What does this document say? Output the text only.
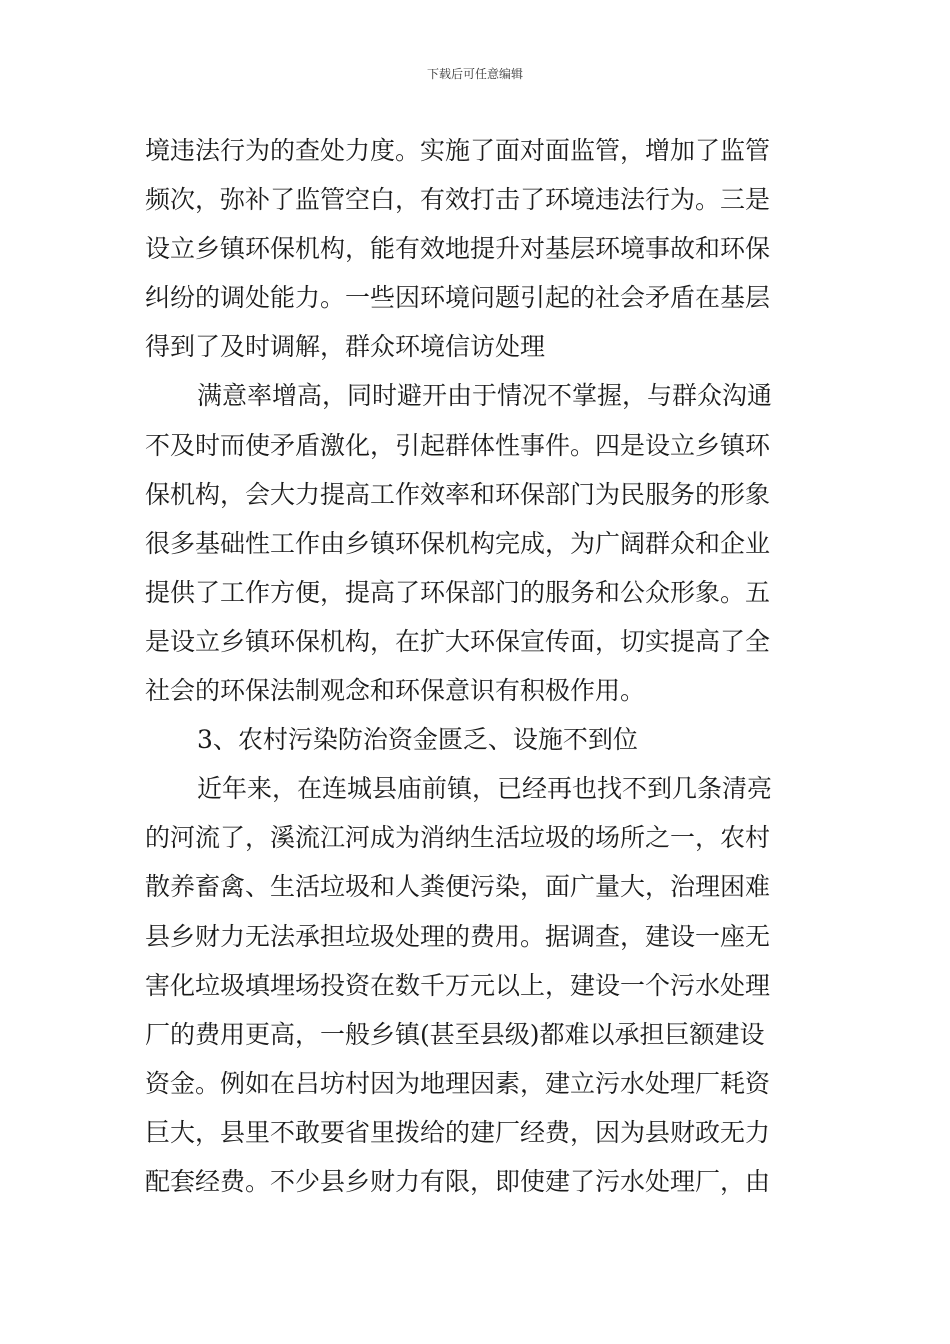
下载后可任意编辑
境违法行为的查处力度。实施了面对面监管，增加了监管
频次，弥补了监管空白，有效打击了环境违法行为。三是
设立乡镇环保机构，能有效地提升对基层环境事故和环保
纠纷的调处能力。一些因环境问题引起的社会矛盾在基层
得到了及时调解，群众环境信访处理
满意率增高，同时避开由于情况不掌握，与群众沟通
不及时而使矛盾激化，引起群体性事件。四是设立乡镇环
保机构，会大力提高工作效率和环保部门为民服务的形象
很多基础性工作由乡镇环保机构完成，为广阔群众和企业
提供了工作方便，提高了环保部门的服务和公众形象。五
是设立乡镇环保机构，在扩大环保宣传面，切实提高了全
社会的环保法制观念和环保意识有积极作用。
3、农村污染防治资金匮乏、设施不到位
近年来，在连城县庙前镇，已经再也找不到几条清亮
的河流了，溪流江河成为消纳生活垃圾的场所之一，农村
散养畜禽、生活垃圾和人粪便污染，面广量大，治理困难
县乡财力无法承担垃圾处理的费用。据调查，建设一座无
害化垃圾填埋场投资在数千万元以上，建设一个污水处理
厂的费用更高，一般乡镇(甚至县级)都难以承担巨额建设
资金。例如在吕坊村因为地理因素，建立污水处理厂耗资
巨大，县里不敢要省里拨给的建厂经费，因为县财政无力
配套经费。不少县乡财力有限，即使建了污水处理厂，由
